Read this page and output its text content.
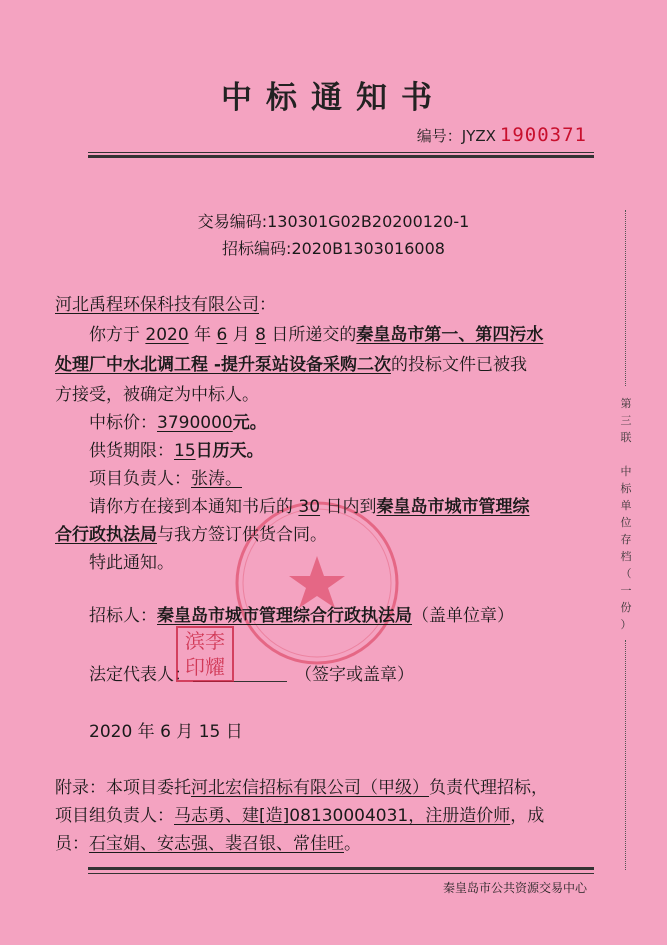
中标通知书
编号：JYZX 1900371
交易编码:130301G02B20200120-1
招标编码:2020B1303016008
河北禹程环保科技有限公司：
你方于 2020 年 6 月 8 日所递交的秦皇岛市第一、第四污水
处理厂中水北调工程 -提升泵站设备采购二次的投标文件已被我
方接受，被确定为中标人。
中标价：3790000元。
供货期限：15日历天。
项目负责人：张涛。
请你方在接到本通知书后的 30 日内到秦皇岛市城市管理综
合行政执法局与我方签订供货合同。
特此通知。
招标人：秦皇岛市城市管理综合行政执法局（盖单位章）
法定代表人：	（签字或盖章）
2020 年 6 月 15 日
附录：本项目委托河北宏信招标有限公司（甲级）负责代理招标，
项目组负责人：马志勇、建[造]08130004031，注册造价师，成
员：石宝娟、安志强、裴召银、常佳旺。
滨李
印耀
第
三
联

中
标
单
位
存
档
（
一
份
）
秦皇岛市公共资源交易中心
